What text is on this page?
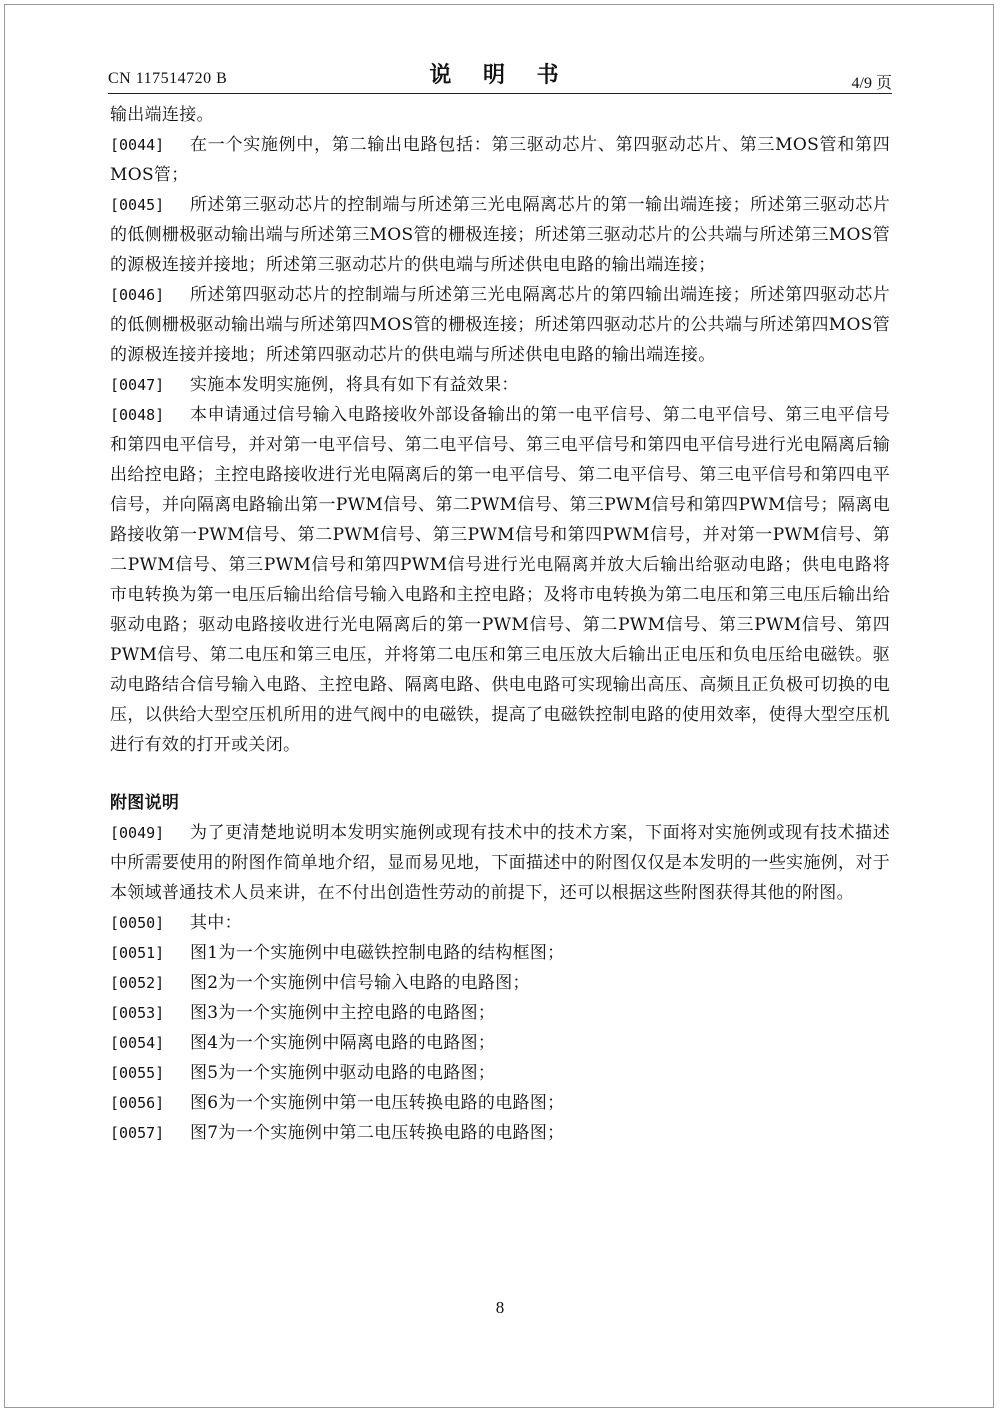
CN 117514720 B	说 明 书	4/9 页

输出端连接。

[0044] 在一个实施例中，第二输出电路包括：第三驱动芯片、第四驱动芯片、第三MOS管和第四MOS管；

[0045] 所述第三驱动芯片的控制端与所述第三光电隔离芯片的第一输出端连接；所述第三驱动芯片的低侧栅极驱动输出端与所述第三MOS管的栅极连接；所述第三驱动芯片的公共端与所述第三MOS管的源极连接并接地；所述第三驱动芯片的供电端与所述供电电路的输出端连接；

[0046] 所述第四驱动芯片的控制端与所述第三光电隔离芯片的第四输出端连接；所述第四驱动芯片的低侧栅极驱动输出端与所述第四MOS管的栅极连接；所述第四驱动芯片的公共端与所述第四MOS管的源极连接并接地；所述第四驱动芯片的供电端与所述供电电路的输出端连接。

[0047] 实施本发明实施例，将具有如下有益效果：

[0048] 本申请通过信号输入电路接收外部设备输出的第一电平信号、第二电平信号、第三电平信号和第四电平信号，并对第一电平信号、第二电平信号、第三电平信号和第四电平信号进行光电隔离后输出给控电路；主控电路接收进行光电隔离后的第一电平信号、第二电平信号、第三电平信号和第四电平信号，并向隔离电路输出第一PWM信号、第二PWM信号、第三PWM信号和第四PWM信号；隔离电路接收第一PWM信号、第二PWM信号、第三PWM信号和第四PWM信号，并对第一PWM信号、第二PWM信号、第三PWM信号和第四PWM信号进行光电隔离并放大后输出给驱动电路；供电电路将市电转换为第一电压后输出给信号输入电路和主控电路；及将市电转换为第二电压和第三电压后输出给驱动电路；驱动电路接收进行光电隔离后的第一PWM信号、第二PWM信号、第三PWM信号、第四PWM信号、第二电压和第三电压，并将第二电压和第三电压放大后输出正电压和负电压给电磁铁。驱动电路结合信号输入电路、主控电路、隔离电路、供电电路可实现输出高压、高频且正负极可切换的电压，以供给大型空压机所用的进气阀中的电磁铁，提高了电磁铁控制电路的使用效率，使得大型空压机进行有效的打开或关闭。

附图说明

[0049] 为了更清楚地说明本发明实施例或现有技术中的技术方案，下面将对实施例或现有技术描述中所需要使用的附图作简单地介绍，显而易见地，下面描述中的附图仅仅是本发明的一些实施例，对于本领域普通技术人员来讲，在不付出创造性劳动的前提下，还可以根据这些附图获得其他的附图。

[0050] 其中：

[0051] 图1为一个实施例中电磁铁控制电路的结构框图；

[0052] 图2为一个实施例中信号输入电路的电路图；

[0053] 图3为一个实施例中主控电路的电路图；

[0054] 图4为一个实施例中隔离电路的电路图；

[0055] 图5为一个实施例中驱动电路的电路图；

[0056] 图6为一个实施例中第一电压转换电路的电路图；

[0057] 图7为一个实施例中第二电压转换电路的电路图；

8
